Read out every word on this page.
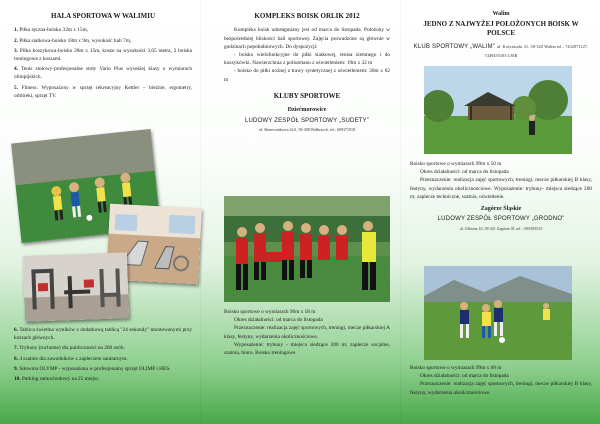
HALA SPORTOWA W WALIMIU
1. Piłka ręczna-boisko 32m x 15m,
2. Piłka siatkowa-boisko 18m x 9m, wysokość hali 7m,
3. Piłka koszykowa-boisko 28m x 15m, kosze na wysokości 3,05 metra, 2 boiska treningowe z koszami.
4. Tenis stołowy-profesjonalne stoły Vario Plus wysokiej klasy o wymiarach olimpijskich.
5. Fitness. Wyposażony w sprzęt rekreacyjny Kettler – bieżnie, ergometry, orbitreki, sprzęt TV.
6. Tablica świetlna wyników z dodatkową tablicą "24 sekundy" montowanymi przy koszach głównych.
7. Trybuny (ruchome) dla publiczności na 200 osób.
8. 4 szatnie dla zawodników z zapleczem sanitarnym.
9. Siłownia OLYMP - wyposażona w profesjonalny sprzęt OLIMP i HES.
10. Parking samochodowy na 25 miejsc.
KOMPLEKS BOISK ORLIK 2012

Kompleks boisk udostępniany jest od marca do listopada. Położony w bezpośredniej bliskości hali sportowej. Zajęcia prowadzone są głównie w godzinach popołudniowych. Do dyspozycji:

- boisko wielofunkcyjne do piłki siatkowej, tenisa ziemnego i do koszykówki. Nawierzchnia z poliuretanu z oświetleniem: 19m x 32 m

- boisko do piłki nożnej z trawy syntetycznej z oświetleniem: 30m x 62 m

KLUBY SPORTOWE

Dziećmorowice

LUDOWY ZESPÓŁ SPORTOWY „SUDETY”

ul. Słonecznikowa 42A, 58-308 Wałbrzych, tel.: 609371918

Boisko sportowe o wymiarach 96m x 58 m

Okres działalności: od marca do listopada

Przeznaczenie: realizacja zajęć sportowych, treningi, mecze piłkarskiej A klasy, festyny, wydarzenia okolicznościowe.

Wyposażenie: trybuny - miejsca siedzące 200 m; zaplecze socjalne, szatnia, biuro. Boisko treningowe.

Walim

JEDNO Z NAJWYŻEJ POŁOŻONYCH BOISK W POLSCE

KLUB SPORTOWY „WALIM” ul. Kościuszki 31, 58-320 Walim tel.: 7432071127, 7449455103 CSIR

Boisko sportowe o wymiarach 99m x 50 m

Okres działalności: od marca do listopada

Przeznaczenie: realizacja zajęć sportowych, treningi, mecze piłkarskiej B klasy, festyny, wydarzenia okolicznościowe. Wyposażenie: trybuny- miejsca siedzące 200 m; zaplecze techniczne, szatnia, oświetlenie.

Zagórze Śląskie

LUDOWY ZESPÓŁ SPORTOWY „GRODNO”

ul. Główna 10, 58-321 Zagórze Śl. tel. : 693393515

Boisko sportowe o wymiarach 99m x 68 m

Okres działalności: od marca do listopada

Przeznaczenie: realizacja zajęć sportowych, treningi, mecze piłkarskiej B klasy, festyny, wydarzenia okolicznościowe.
